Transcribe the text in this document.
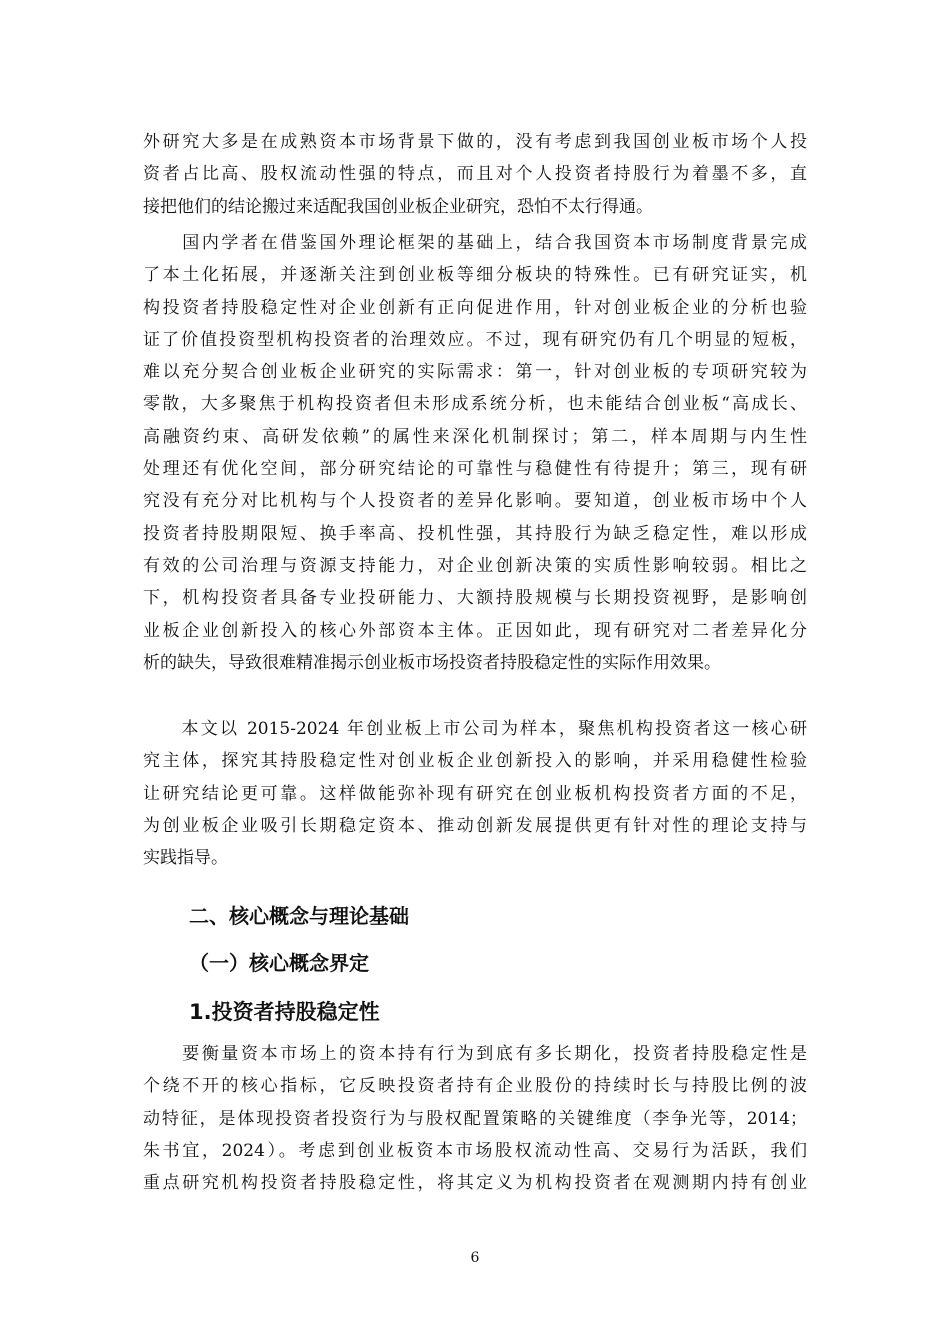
外研究大多是在成熟资本市场背景下做的，没有考虑到我国创业板市场个人投
资者占比高、股权流动性强的特点，而且对个人投资者持股行为着墨不多，直
接把他们的结论搬过来适配我国创业板企业研究，恐怕不太行得通。
　　国内学者在借鉴国外理论框架的基础上，结合我国资本市场制度背景完成
了本土化拓展，并逐渐关注到创业板等细分板块的特殊性。已有研究证实，机
构投资者持股稳定性对企业创新有正向促进作用，针对创业板企业的分析也验
证了价值投资型机构投资者的治理效应。不过，现有研究仍有几个明显的短板，
难以充分契合创业板企业研究的实际需求：第一，针对创业板的专项研究较为
零散，大多聚焦于机构投资者但未形成系统分析，也未能结合创业板“高成长、
高融资约束、高研发依赖”的属性来深化机制探讨；第二，样本周期与内生性
处理还有优化空间，部分研究结论的可靠性与稳健性有待提升；第三，现有研
究没有充分对比机构与个人投资者的差异化影响。要知道，创业板市场中个人
投资者持股期限短、换手率高、投机性强，其持股行为缺乏稳定性，难以形成
有效的公司治理与资源支持能力，对企业创新决策的实质性影响较弱。相比之
下，机构投资者具备专业投研能力、大额持股规模与长期投资视野，是影响创
业板企业创新投入的核心外部资本主体。正因如此，现有研究对二者差异化分
析的缺失，导致很难精准揭示创业板市场投资者持股稳定性的实际作用效果。
　　本文以 2015-2024 年创业板上市公司为样本，聚焦机构投资者这一核心研
究主体，探究其持股稳定性对创业板企业创新投入的影响，并采用稳健性检验
让研究结论更可靠。这样做能弥补现有研究在创业板机构投资者方面的不足，
为创业板企业吸引长期稳定资本、推动创新发展提供更有针对性的理论支持与
实践指导。
二、核心概念与理论基础
（一）核心概念界定
1.投资者持股稳定性
　　要衡量资本市场上的资本持有行为到底有多长期化，投资者持股稳定性是
个绕不开的核心指标，它反映投资者持有企业股份的持续时长与持股比例的波
动特征，是体现投资者投资行为与股权配置策略的关键维度（李争光等，2014；
朱书宜，2024）。考虑到创业板资本市场股权流动性高、交易行为活跃，我们
重点研究机构投资者持股稳定性，将其定义为机构投资者在观测期内持有创业
6
